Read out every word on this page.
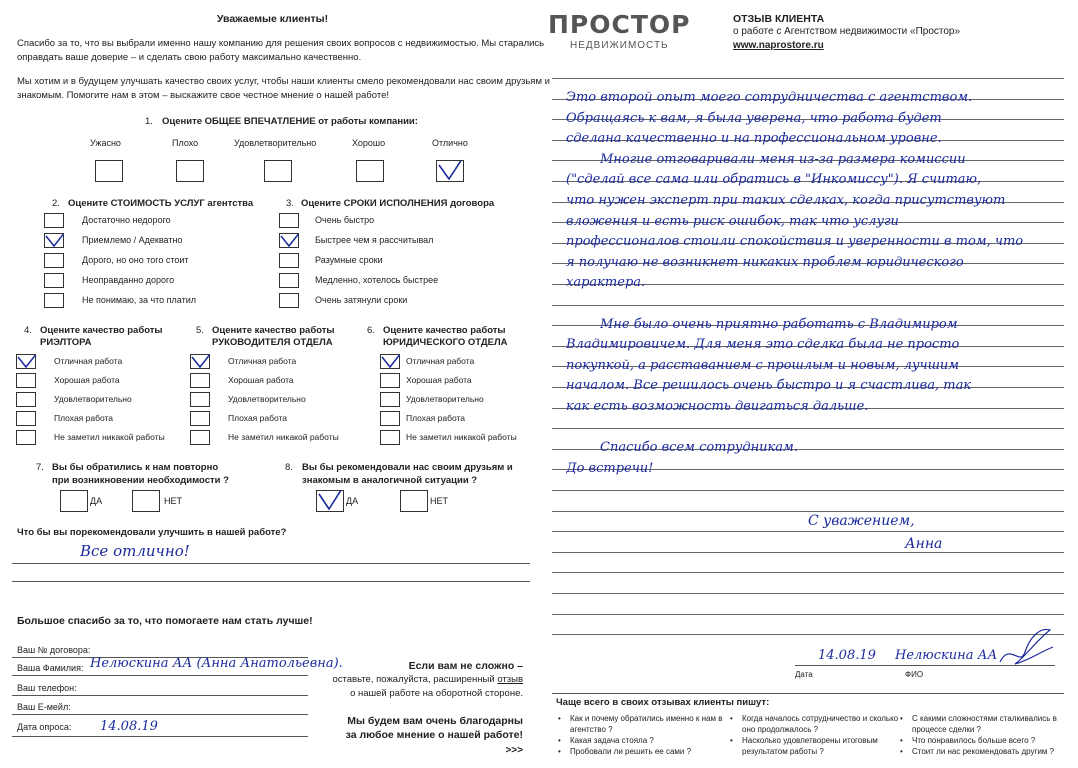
Уважаемые клиенты!
Спасибо за то, что вы выбрали именно нашу компанию для решения своих вопросов с недвижимостью. Мы старались
оправдать ваше доверие – и сделать свою работу максимально качественно.
Мы хотим и в будущем улучшать качество своих услуг, чтобы наши клиенты смело рекомендовали нас своим друзьям и
знакомым. Помогите нам в этом – выскажите свое честное мнение о нашей работе!
1. Оцените ОБЩЕЕ ВПЕЧАТЛЕНИЕ от работы компании:
Ужасно	Плохо	Удовлетворительно	Хорошо	Отлично
2. Оцените СТОИМОСТЬ УСЛУГ агентства
Достаточно недорого
Приемлемо / Адекватно
Дорого, но оно того стоит
Неоправданно дорого
Не понимаю, за что платил
3. Оцените СРОКИ ИСПОЛНЕНИЯ договора
Очень быстро
Быстрее чем я рассчитывал
Разумные сроки
Медленно, хотелось быстрее
Очень затянули сроки
4. Оцените качество работы
РИЭЛТОРА
5. Оцените качество работы
РУКОВОДИТЕЛЯ ОТДЕЛА
6. Оцените качество работы
ЮРИДИЧЕСКОГО ОТДЕЛА
Отличная работа
Хорошая работа
Удовлетворительно
Плохая работа
Не заметил никакой работы
Отличная работа
Хорошая работа
Удовлетворительно
Плохая работа
Не заметил никакой работы
Отличная работа
Хорошая работа
Удовлетворительно
Плохая работа
Не заметил никакой работы
7. Вы бы обратились к нам повторно
при возникновении необходимости ?
ДА	НЕТ
8. Вы бы рекомендовали нас своим друзьям и
знакомым в аналогичной ситуации ?
ДА	НЕТ
Что бы вы порекомендовали улучшить в нашей работе?
Все отлично!
Большое спасибо за то, что помогаете нам стать лучше!
Ваш № договора:
Ваша Фамилия: Нелюскина АА (Анна Анатольевна).
Ваш телефон:
Ваш E-мейл:
Дата опроса: 14.08.19
Если вам не сложно –
оставьте, пожалуйста, расширенный отзыв
о нашей работе на оборотной стороне.
Мы будем вам очень благодарны
за любое мнение о нашей работе!
>>>
ПРОСТОР
НЕДВИЖИМОСТЬ
ОТЗЫВ КЛИЕНТА
о работе с Агентством недвижимости «Простор»
www.naprostore.ru
Это второй опыт моего сотрудничества с агентством.
Обращаясь к вам, я была уверена, что работа будет
сделана качественно и на профессиональном уровне.
Многие отговаривали меня из-за размера комиссии
("сделай все сама или обратись в "Инкомиссу"). Я считаю,
что нужен эксперт при таких сделках, когда присутствуют
вложения и есть риск ошибок, так что услуги
профессионалов стоили спокойствия и уверенности в том, что
я получаю не возникнет никаких проблем юридического
характера.
Мне было очень приятно работать с Владимиром
Владимировичем. Для меня это сделка была не просто
покупкой, а расставанием с прошлым и новым, лучшим
началом. Все решилось очень быстро и я счастлива, так
как есть возможность двигаться дальше.
Спасибо всем сотрудникам.
До встречи!
С уважением,
Анна
14.08.19 Нелюскина АА
Дата	ФИО
Чаще всего в своих отзывах клиенты пишут:
• Как и почему обратились именно к нам в
агентство ?
• Какая задача стояла ?
• Пробовали ли решить ее сами ?
• Когда началось сотрудничество и сколько
оно продолжалось ?
• Насколько удовлетворены итоговым
результатом работы ?
• С какими сложностями сталкивались в
процессе сделки ?
• Что понравилось больше всего ?
• Стоит ли нас рекомендовать другим ?
